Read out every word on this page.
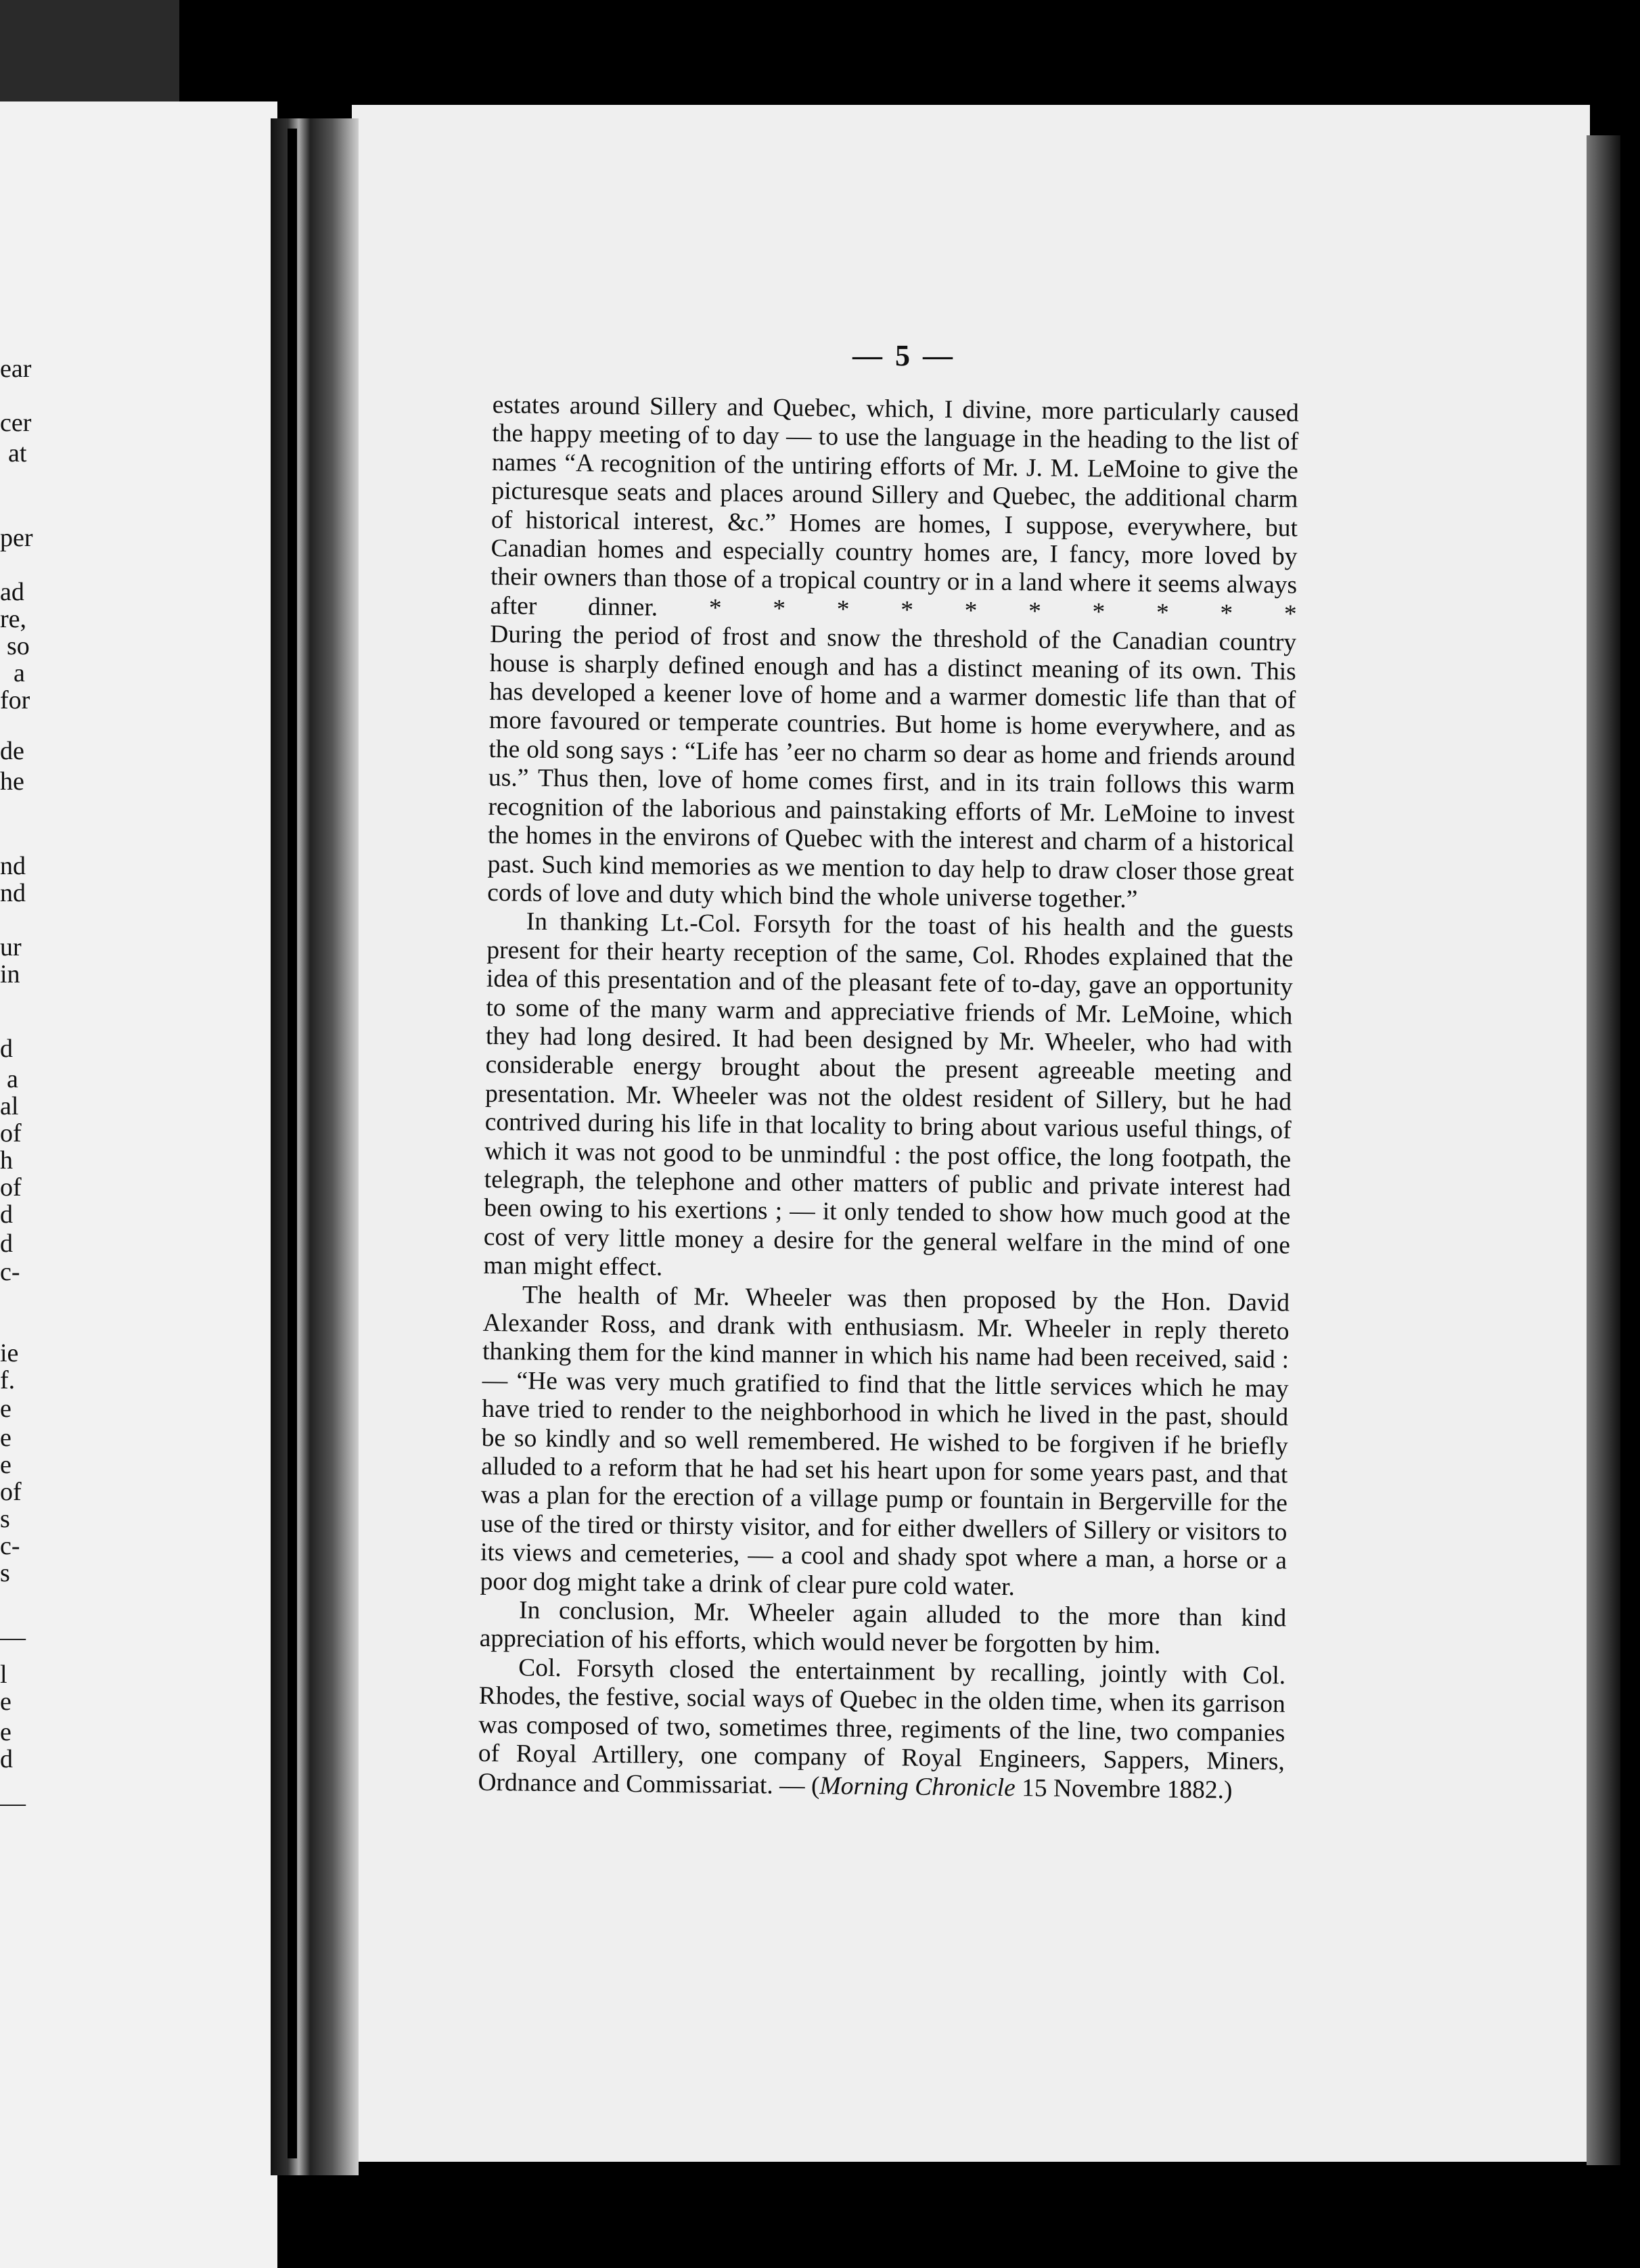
ear
cer
at
per
ad
re,
so
a
for
de
he
nd
nd
ur
in
d
a
al
of
h
of
d
d
c-
ie
f.
e
e
e
of
s
c-
s
—
l
e
e
d
—
— 5 —

estates around Sillery and Quebec, which, I divine, more particularly caused the happy meeting of to day — to use the language in the heading to the list of names “A recognition of the untiring efforts of Mr. J. M. LeMoine to give the picturesque seats and places around Sillery and Quebec, the additional charm of historical interest, &c.” Homes are homes, I suppose, everywhere, but Canadian homes and especially country homes are, I fancy, more loved by their owners than those of a tropical country or in a land where it seems always

after dinner. * * * * * * * * * *

During the period of frost and snow the threshold of the Canadian country house is sharply defined enough and has a distinct meaning of its own. This has developed a keener love of home and a warmer domestic life than that of more favoured or temperate countries. But home is home everywhere, and as the old song says : “Life has ’eer no charm so dear as home and friends around us.” Thus then, love of home comes first, and in its train follows this warm recognition of the laborious and painstaking efforts of Mr. LeMoine to invest the homes in the environs of Quebec with the interest and charm of a historical past. Such kind memories as we mention to day help to draw closer those great cords of love and duty which bind the whole universe together.”

In thanking Lt.-Col. Forsyth for the toast of his health and the guests present for their hearty reception of the same, Col. Rhodes explained that the idea of this presentation and of the pleasant fete of to-day, gave an opportunity to some of the many warm and appreciative friends of Mr. LeMoine, which they had long desired. It had been designed by Mr. Wheeler, who had with considerable energy brought about the present agreeable meeting and presentation. Mr. Wheeler was not the oldest resident of Sillery, but he had contrived during his life in that locality to bring about various useful things, of which it was not good to be unmindful : the post office, the long footpath, the telegraph, the telephone and other matters of public and private interest had been owing to his exertions ; — it only tended to show how much good at the cost of very little money a desire for the general welfare in the mind of one man might effect.

The health of Mr. Wheeler was then proposed by the Hon. David Alexander Ross, and drank with enthusiasm. Mr. Wheeler in reply thereto thanking them for the kind manner in which his name had been received, said : — “He was very much gratified to find that the little services which he may have tried to render to the neighborhood in which he lived in the past, should be so kindly and so well remembered. He wished to be forgiven if he briefly alluded to a reform that he had set his heart upon for some years past, and that was a plan for the erection of a village pump or fountain in Bergerville for the use of the tired or thirsty visitor, and for either dwellers of Sillery or visitors to its views and cemeteries, — a cool and shady spot where a man, a horse or a poor dog might take a drink of clear pure cold water.

In conclusion, Mr. Wheeler again alluded to the more than kind appreciation of his efforts, which would never be forgotten by him.

Col. Forsyth closed the entertainment by recalling, jointly with Col. Rhodes, the festive, social ways of Quebec in the olden time, when its garrison was composed of two, sometimes three, regiments of the line, two companies of Royal Artillery, one company of Royal Engineers, Sappers, Miners, Ordnance and Commissariat. — (Morning Chronicle 15 Novembre 1882.)
